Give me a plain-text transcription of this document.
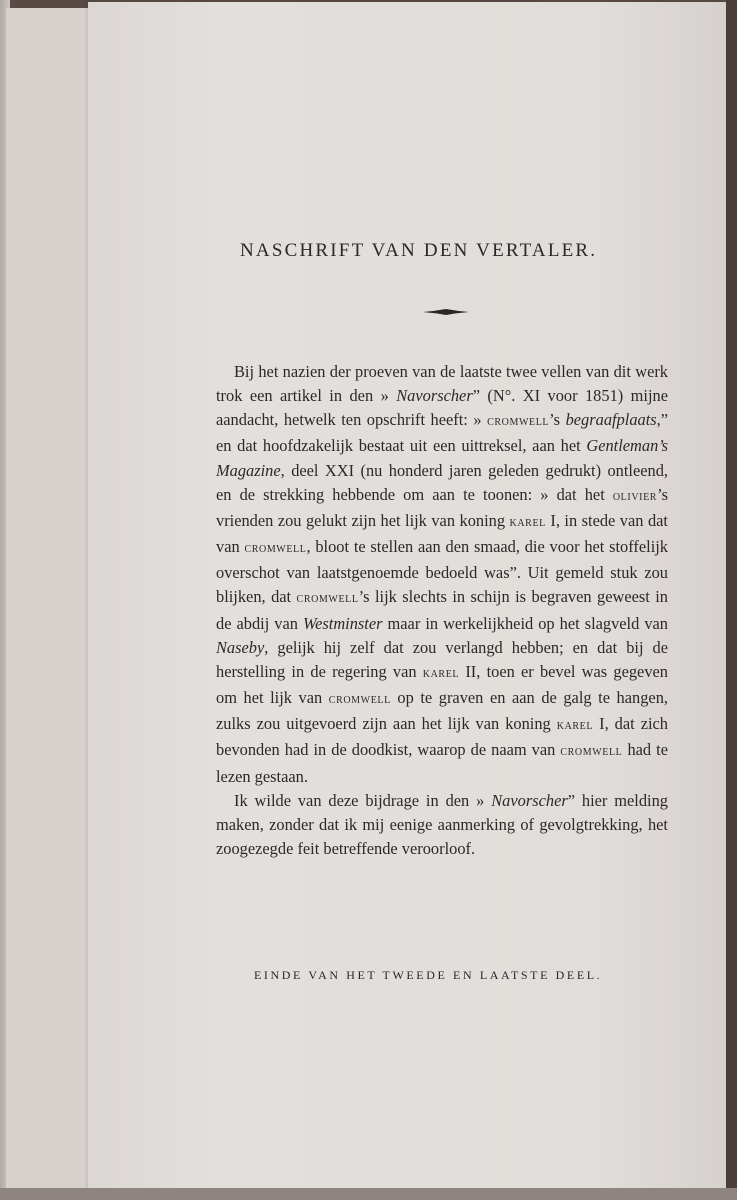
NASCHRIFT VAN DEN VERTALER.

Bij het nazien der proeven van de laatste twee vellen van dit werk trok een artikel in den » Navorscher” (N°. XI voor 1851) mijne aandacht, hetwelk ten opschrift heeft: » cromwell’s begraafplaats,” en dat hoofdzakelijk bestaat uit een uittreksel, aan het Gentleman’s Magazine, deel XXI (nu honderd jaren geleden gedrukt) ontleend, en de strekking hebbende om aan te toonen: » dat het olivier’s vrienden zou gelukt zijn het lijk van koning karel I, in stede van dat van cromwell, bloot te stellen aan den smaad, die voor het stoffelijk overschot van laatstgenoemde bedoeld was”. Uit gemeld stuk zou blijken, dat cromwell’s lijk slechts in schijn is begraven geweest in de abdij van Westminster maar in werkelijkheid op het slagveld van Naseby, gelijk hij zelf dat zou verlangd hebben; en dat bij de herstelling in de regering van karel II, toen er bevel was gegeven om het lijk van cromwell op te graven en aan de galg te hangen, zulks zou uitgevoerd zijn aan het lijk van koning karel I, dat zich bevonden had in de doodkist, waarop de naam van cromwell had te lezen gestaan.

Ik wilde van deze bijdrage in den » Navorscher” hier melding maken, zonder dat ik mij eenige aanmerking of gevolgtrekking, het zoogezegde feit betreffende veroorloof.

EINDE VAN HET TWEEDE EN LAATSTE DEEL.
